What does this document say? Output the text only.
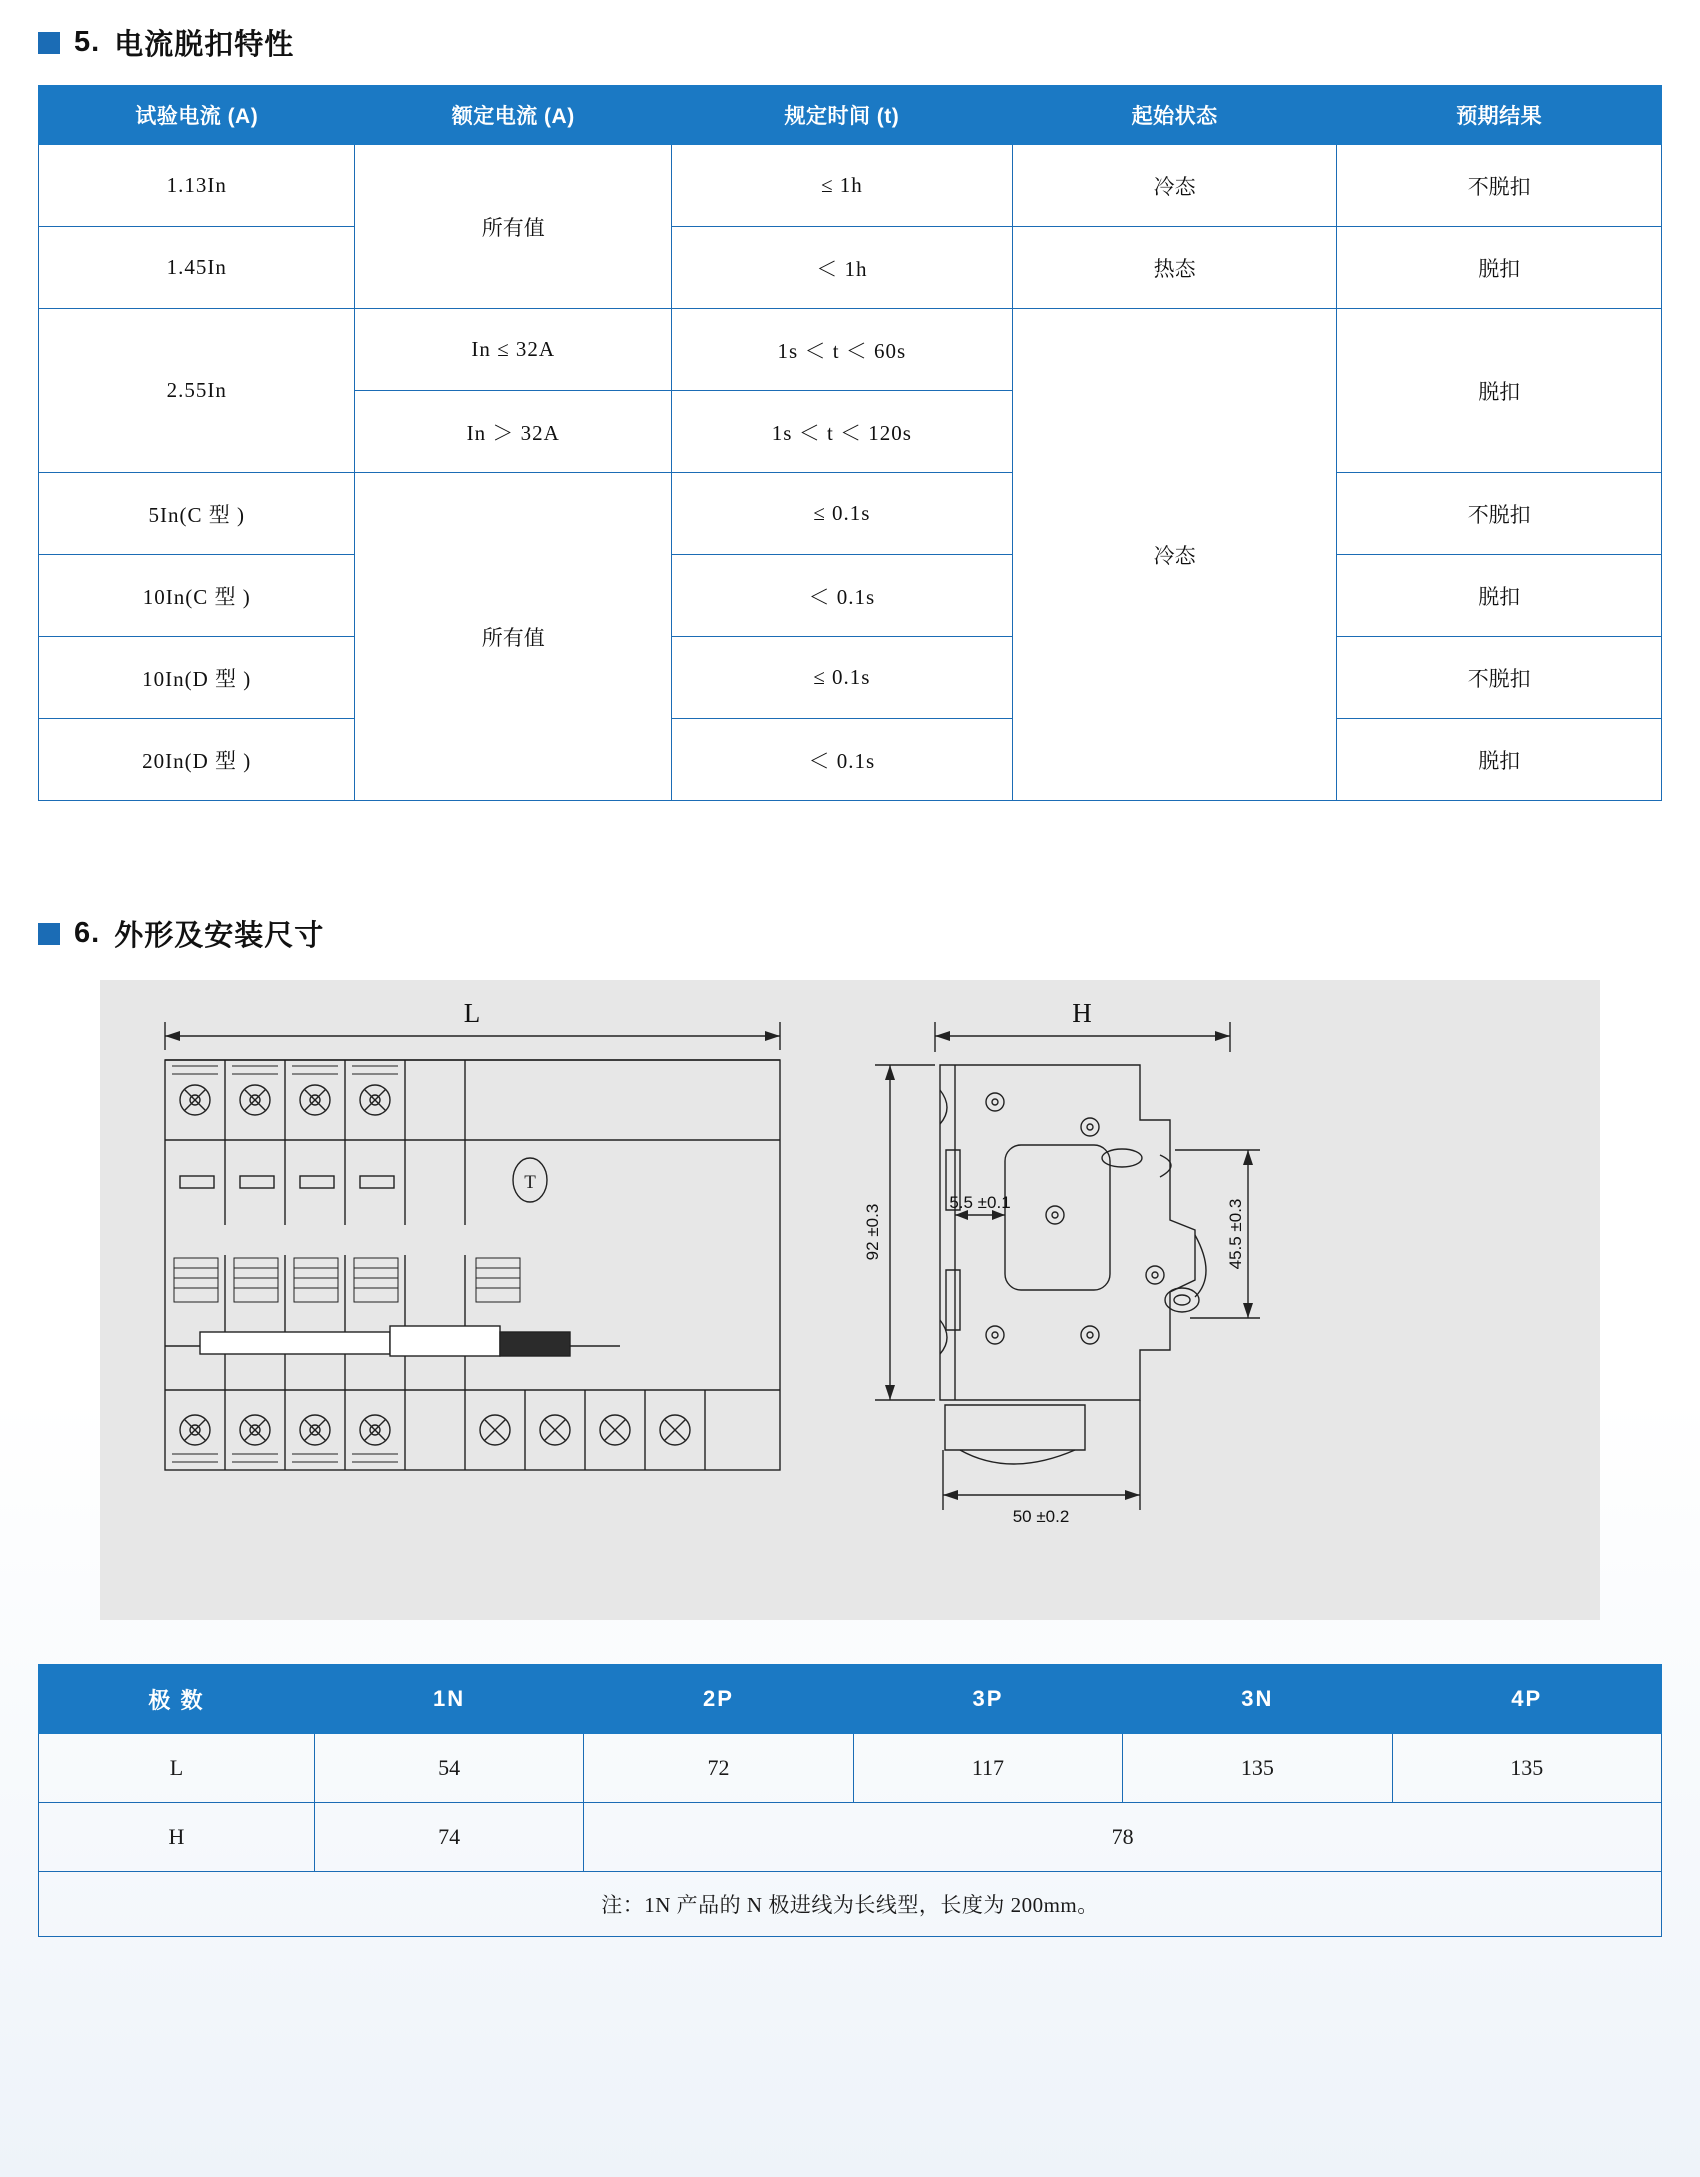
5. 电流脱扣特性
试验电流 (A)	额定电流 (A)	规定时间 (t)	起始状态	预期结果
1.13In	所有值	≤ 1h	冷态	不脱扣
1.45In		＜ 1h	热态	脱扣
2.55In	In ≤ 32A	1s ＜ t ＜ 60s	冷态	脱扣
	In ＞ 32A	1s ＜ t ＜ 120s		
5In(C 型 )	所有值	≤ 0.1s		不脱扣
10In(C 型 )		＜ 0.1s		脱扣
10In(D 型 )		≤ 0.1s		不脱扣
20In(D 型 )		＜ 0.1s		脱扣
6. 外形及安装尺寸
T
L	H
92 ±0.3	45.5 ±0.3
5.5 ±0.1
50 ±0.2
极 数	1N	2P	3P	3N	4P
L	54	72	117	135	135
H	74	78			
注：1N 产品的 N 极进线为长线型，长度为 200mm。					
